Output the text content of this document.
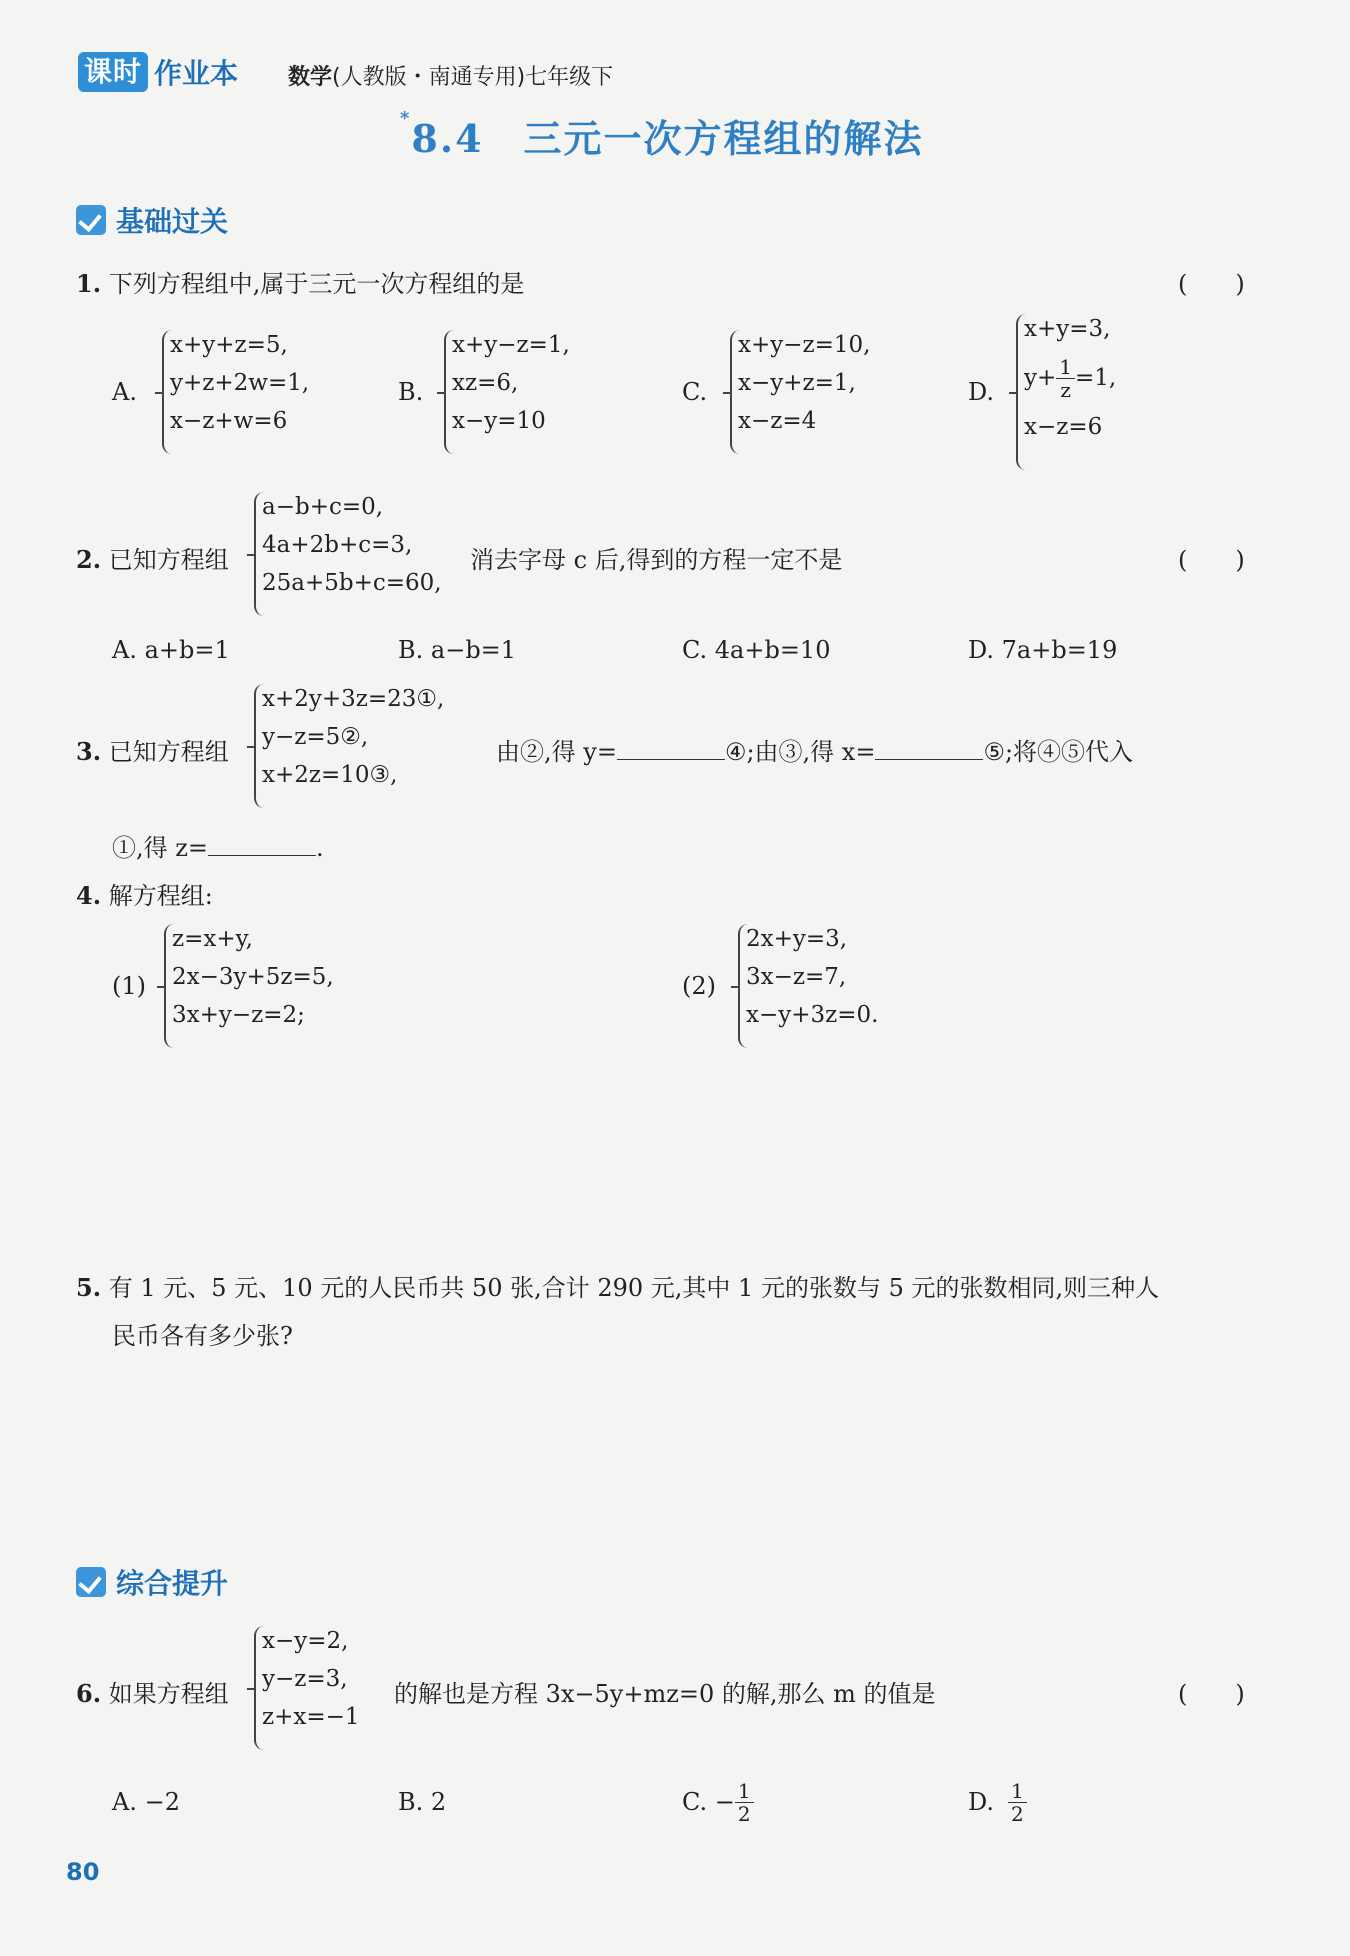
课时 作业本 数学(人教版・南通专用)七年级下
*8.4　三元一次方程组的解法
基础过关
1. 下列方程组中,属于三元一次方程组的是	(　　)
A.
x+y+z=5,
y+z+2w=1,
x−z+w=6
B.
x+y−z=1,
xz=6,
x−y=10
C.
x+y−z=10,
x−y+z=1,
x−z=4
D.
x+y=3,
$y+ \frac{1}{z} =1$,
x−z=6
2. 已知方程组
a−b+c=0,
4a+2b+c=3,
25a+5b+c=60,
消去字母 c 后,得到的方程一定不是	(　　)
A. a+b=1	B. a−b=1	C. 4a+b=10	D. 7a+b=19
3. 已知方程组
x+2y+3z=23①,
y−z=5②,
x+2z=10③,
由②,得 y=	④;由③,得 x=	⑤;将④⑤代入
①,得 z=	.
4. 解方程组:
(1)
z=x+y,
2x−3y+5z=5,
3x+y−z=2;
(2)
2x+y=3,
3x−z=7,
x−y+3z=0.
5. 有 1 元、5 元、10 元的人民币共 50 张,合计 290 元,其中 1 元的张数与 5 元的张数相同,则三种人
民币各有多少张?
综合提升
6. 如果方程组
x−y=2,
y−z=3,
z+x=−1
的解也是方程 3x−5y+mz=0 的解,那么 m 的值是	(　　)
A. −2	B. 2	C. − $\frac{1}{2}$	D. $\frac{1}{2}$
80
